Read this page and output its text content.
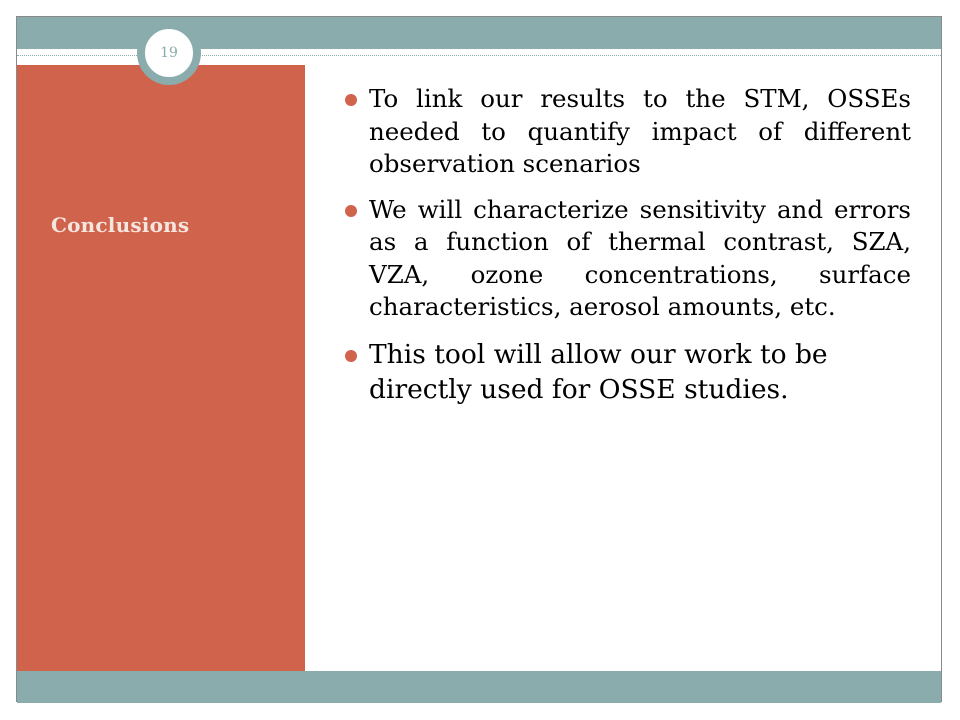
Conclusions
19
To link our results to the STM, OSSEs needed to quantify impact of different observation scenarios
We will characterize sensitivity and errors as a function of thermal contrast, SZA, VZA, ozone concentrations, surface characteristics, aerosol amounts, etc.
This tool will allow our work to be directly used for OSSE studies.
